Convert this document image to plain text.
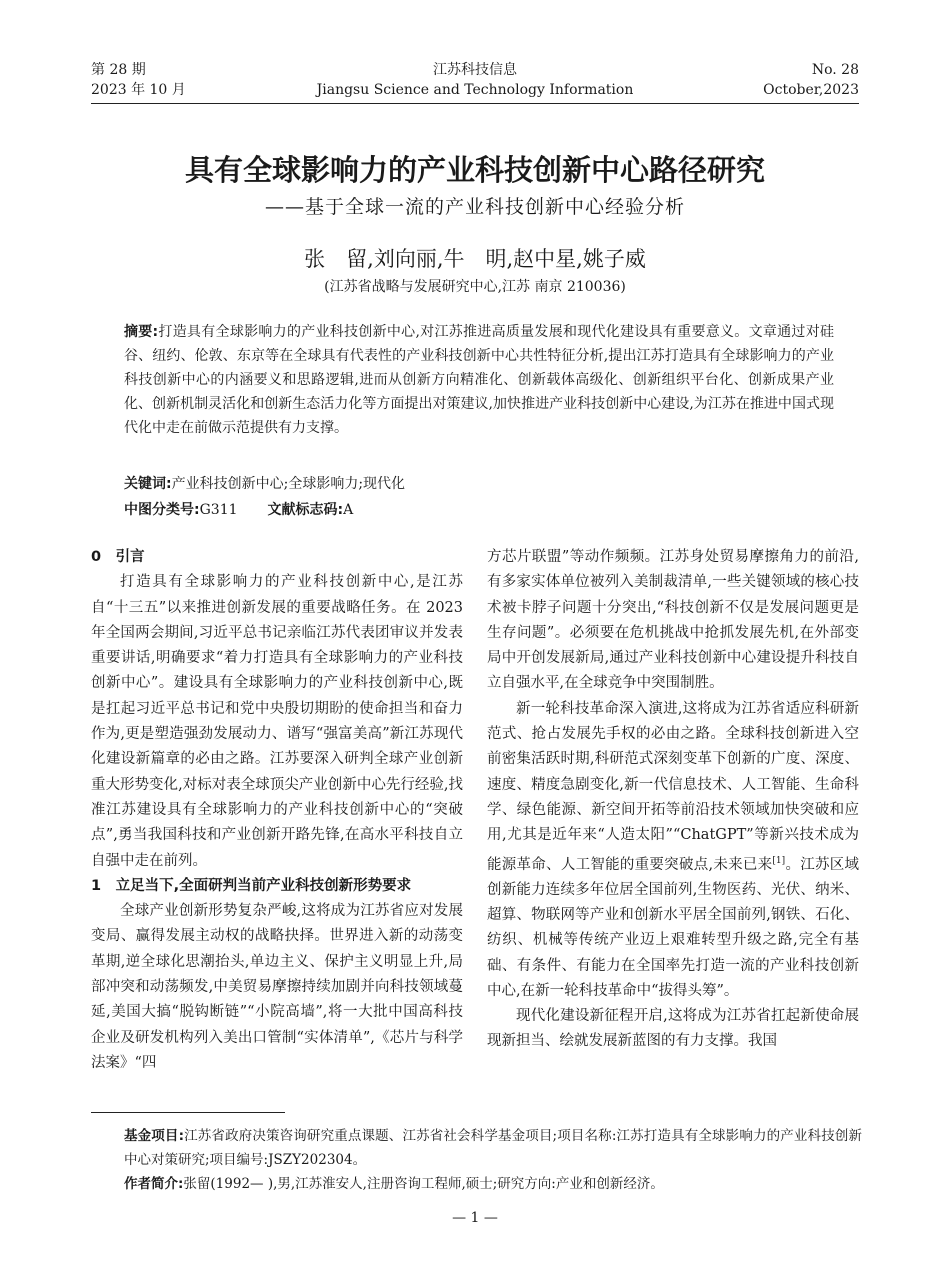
第 28 期
2023 年 10 月
江苏科技信息
Jiangsu Science and Technology Information
No. 28
October,2023
具有全球影响力的产业科技创新中心路径研究
——基于全球一流的产业科技创新中心经验分析
张　留,刘向丽,牛　明,赵中星,姚子威
(江苏省战略与发展研究中心,江苏 南京 210036)
摘要:打造具有全球影响力的产业科技创新中心,对江苏推进高质量发展和现代化建设具有重要意义。文章通过对硅谷、纽约、伦敦、东京等在全球具有代表性的产业科技创新中心共性特征分析,提出江苏打造具有全球影响力的产业科技创新中心的内涵要义和思路逻辑,进而从创新方向精准化、创新载体高级化、创新组织平台化、创新成果产业化、创新机制灵活化和创新生态活力化等方面提出对策建议,加快推进产业科技创新中心建设,为江苏在推进中国式现代化中走在前做示范提供有力支撑。
关键词:产业科技创新中心;全球影响力;现代化
中图分类号:G311 文献标志码:A
0　引言

打造具有全球影响力的产业科技创新中心,是江苏自“十三五”以来推进创新发展的重要战略任务。在 2023 年全国两会期间,习近平总书记亲临江苏代表团审议并发表重要讲话,明确要求“着力打造具有全球影响力的产业科技创新中心”。建设具有全球影响力的产业科技创新中心,既是扛起习近平总书记和党中央殷切期盼的使命担当和奋力作为,更是塑造强劲发展动力、谱写“强富美高”新江苏现代化建设新篇章的必由之路。江苏要深入研判全球产业创新重大形势变化,对标对表全球顶尖产业创新中心先行经验,找准江苏建设具有全球影响力的产业科技创新中心的“突破点”,勇当我国科技和产业创新开路先锋,在高水平科技自立自强中走在前列。

1　立足当下,全面研判当前产业科技创新形势要求

全球产业创新形势复杂严峻,这将成为江苏省应对发展变局、赢得发展主动权的战略抉择。世界进入新的动荡变革期,逆全球化思潮抬头,单边主义、保护主义明显上升,局部冲突和动荡频发,中美贸易摩擦持续加剧并向科技领域蔓延,美国大搞“脱钩断链”“小院高墙”,将一大批中国高科技企业及研发机构列入美出口管制“实体清单”,《芯片与科学法案》“四

方芯片联盟”等动作频频。江苏身处贸易摩擦角力的前沿,有多家实体单位被列入美制裁清单,一些关键领域的核心技术被卡脖子问题十分突出,“科技创新不仅是发展问题更是生存问题”。必须要在危机挑战中抢抓发展先机,在外部变局中开创发展新局,通过产业科技创新中心建设提升科技自立自强水平,在全球竞争中突围制胜。

新一轮科技革命深入演进,这将成为江苏省适应科研新范式、抢占发展先手权的必由之路。全球科技创新进入空前密集活跃时期,科研范式深刻变革下创新的广度、深度、速度、精度急剧变化,新一代信息技术、人工智能、生命科学、绿色能源、新空间开拓等前沿技术领域加快突破和应用,尤其是近年来“人造太阳”“ChatGPT”等新兴技术成为能源革命、人工智能的重要突破点,未来已来[1]。江苏区域创新能力连续多年位居全国前列,生物医药、光伏、纳米、超算、物联网等产业和创新水平居全国前列,钢铁、石化、纺织、机械等传统产业迈上艰难转型升级之路,完全有基础、有条件、有能力在全国率先打造一流的产业科技创新中心,在新一轮科技革命中“拔得头筹”。

现代化建设新征程开启,这将成为江苏省扛起新使命展现新担当、绘就发展新蓝图的有力支撑。我国

基金项目:江苏省政府决策咨询研究重点课题、江苏省社会科学基金项目;项目名称:江苏打造具有全球影响力的产业科技创新中心对策研究;项目编号:JSZY202304。
作者简介:张留(1992— ),男,江苏淮安人,注册咨询工程师,硕士;研究方向:产业和创新经济。
— 1 —
